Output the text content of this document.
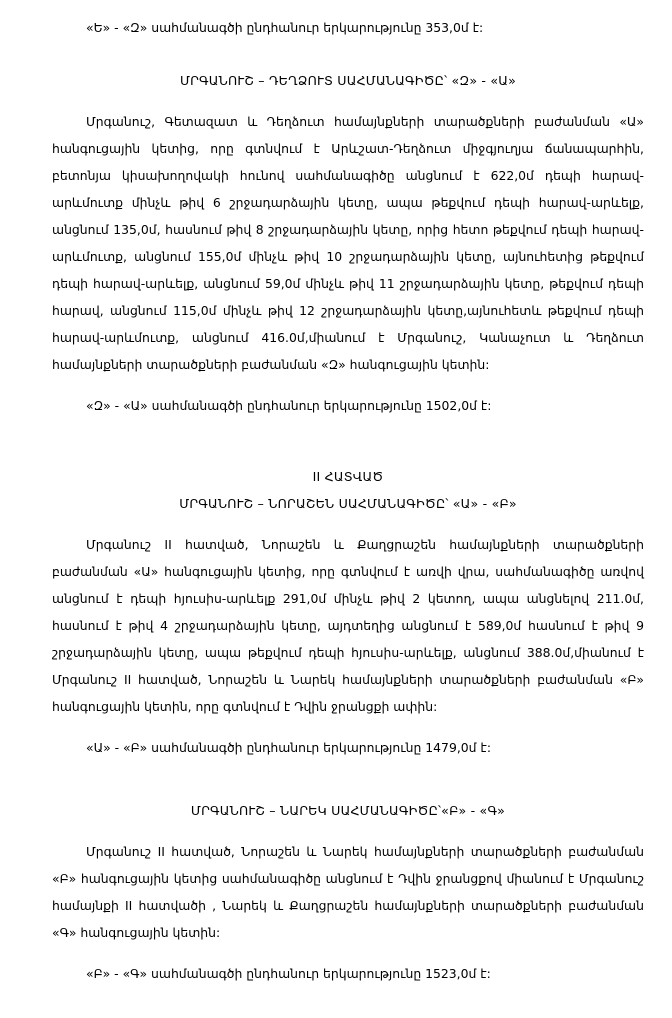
«Ե» - «Զ» սահմանագծի ընդհանուր երկարությունը 353,0մ է:

ՄՐԳԱՆՈՒՇ – ԴԵՂՁՈՒՏ ՍԱՀՄԱՆԱԳԻԾԸ՝ «Զ» - «Ա»

Մրգանուշ, Գետազատ և Դեղձուտ համայնքների տարածքների բաժանման «Ա» հանգուցային կետից, որը գտնվում է Արևշատ-Դեղձուտ միջգյուղյա ճանապարհին, բետոնյա կիսախողովակի հունով սահմանագիծը անցնում է 622,0մ դեպի հարավ-արևմուտք մինչև թիվ 6 շրջադարձային կետը, ապա թեքվում դեպի հարավ-արևելք, անցնում 135,0մ, հասնում թիվ 8 շրջադարձային կետը, որից հետո թեքվում դեպի հարավ-արևմուտք, անցնում 155,0մ մինչև թիվ 10 շրջադարձային կետը, այնուհետից թեքվում դեպի հարավ-արևելք, անցնում 59,0մ մինչև թիվ 11 շրջադարձային կետը, թեքվում դեպի հարավ, անցնում 115,0մ մինչև թիվ 12 շրջադարձային կետը,այնուհետև թեքվում դեպի հարավ-արևմուտք, անցնում 416.0մ,միանում է Մրգանուշ, Կանաչուտ և Դեղձուտ համայնքների տարածքների բաժանման «Զ» հանգուցային կետին:

«Զ» - «Ա» սահմանագծի ընդհանուր երկարությունը 1502,0մ է:

II ՀԱՏՎԱԾ

ՄՐԳԱՆՈՒՇ – ՆՈՐԱՇԵՆ ՍԱՀՄԱՆԱԳԻԾԸ՝ «Ա» - «Բ»

Մրգանուշ II հատված, Նորաշեն և Քաղցրաշեն համայնքների տարածքների բաժանման «Ա» հանգուցային կետից, որը գտնվում է առվի վրա, սահմանագիծը առվով անցնում է դեպի հյուսիս-արևելք 291,0մ մինչև թիվ 2 կետող, ապա անցնելով 211.0մ, հասնում է թիվ 4 շրջադարձային կետը, այդտեղից անցնում է 589,0մ հասնում է թիվ 9 շրջադարձային կետը, ապա թեքվում դեպի հյուսիս-արևելք, անցնում 388.0մ,միանում է Մրգանուշ II հատված, Նորաշեն և Նարեկ համայնքների տարածքների բաժանման «Բ» հանգուցային կետին, որը գտնվում է Դվին ջրանցքի ափին:

«Ա» - «Բ» սահմանագծի ընդհանուր երկարությունը 1479,0մ է:

ՄՐԳԱՆՈՒՇ – ՆԱՐԵԿ ՍԱՀՄԱՆԱԳԻԾԸ՝«Բ» - «Գ»

Մրգանուշ II հատված, Նորաշեն և Նարեկ համայնքների տարածքների բաժանման «Բ» հանգուցային կետից սահմանագիծը անցնում է Դվին ջրանցքով միանում է Մրգանուշ համայնքի II հատվածի , Նարեկ և Քաղցրաշեն համայնքների տարածքների բաժանման «Գ» հանգուցային կետին:

«Բ» - «Գ» սահմանագծի ընդհանուր երկարությունը 1523,0մ է:
